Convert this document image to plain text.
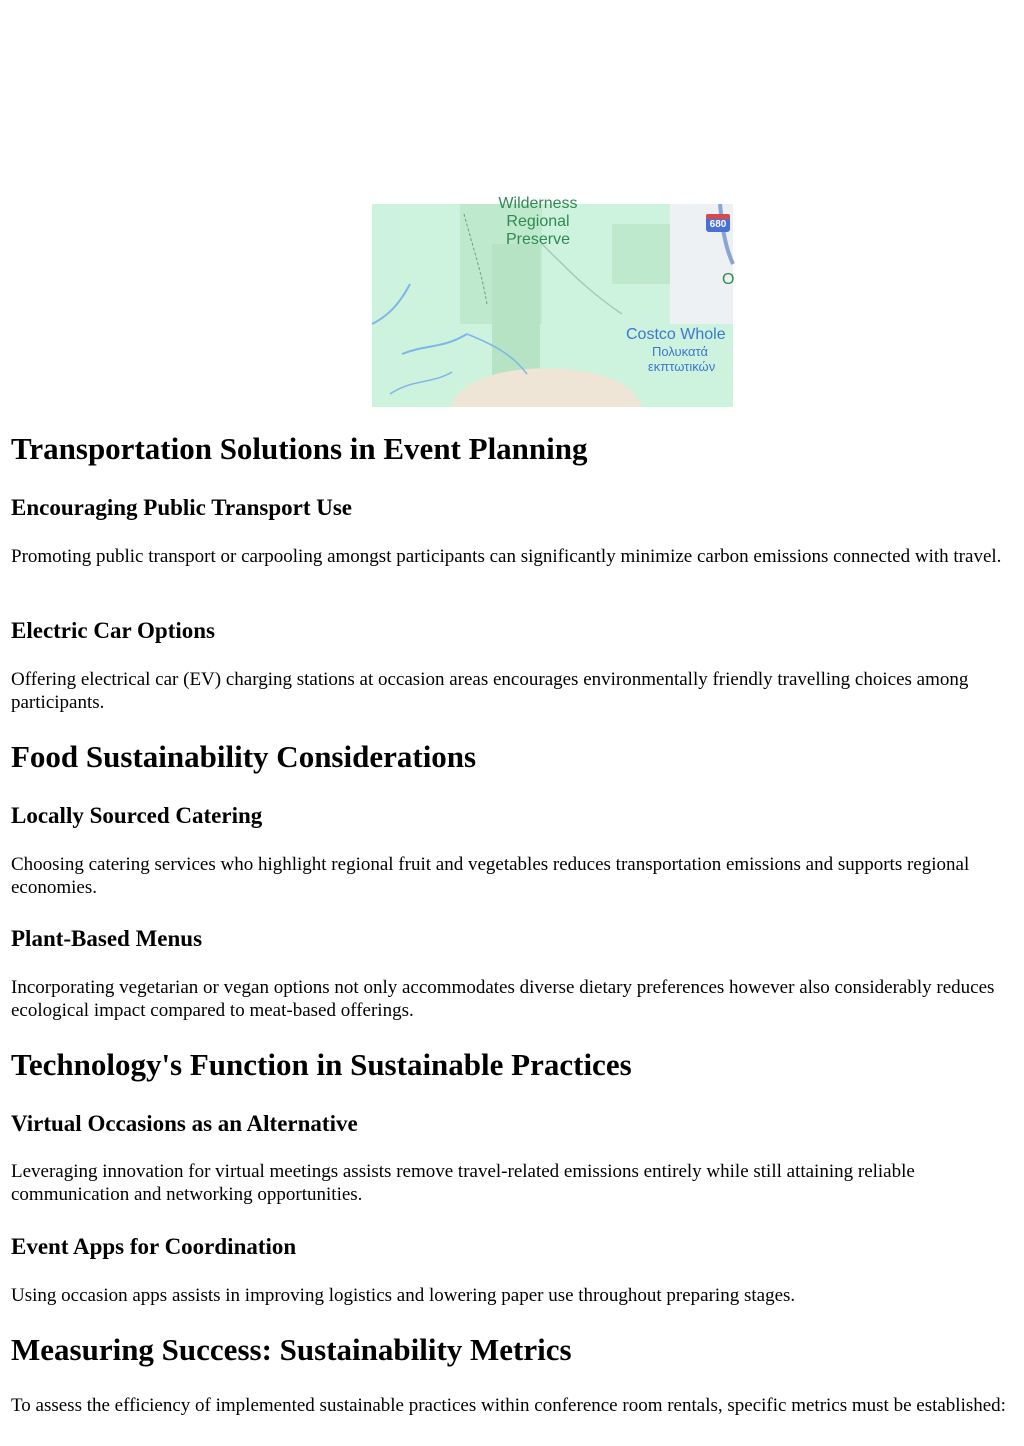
Wilderness
Regional
Preserve
680
O
Costco Whole
Πολυκατά
εκπτωτικών
Transportation Solutions in Event Planning
Encouraging Public Transport Use

Promoting public transport or carpooling amongst participants can significantly minimize carbon emissions connected with travel.

Electric Car Options

Offering electrical car (EV) charging stations at occasion areas encourages environmentally friendly travelling choices among participants.

Food Sustainability Considerations
Locally Sourced Catering

Choosing catering services who highlight regional fruit and vegetables reduces transportation emissions and supports regional economies.

Plant-Based Menus

Incorporating vegetarian or vegan options not only accommodates diverse dietary preferences however also considerably reduces ecological impact compared to meat-based offerings.

Technology's Function in Sustainable Practices
Virtual Occasions as an Alternative

Leveraging innovation for virtual meetings assists remove travel-related emissions entirely while still attaining reliable communication and networking opportunities.

Event Apps for Coordination

Using occasion apps assists in improving logistics and lowering paper use throughout preparing stages.

Measuring Success: Sustainability Metrics

To assess the efficiency of implemented sustainable practices within conference room rentals, specific metrics must be established:
